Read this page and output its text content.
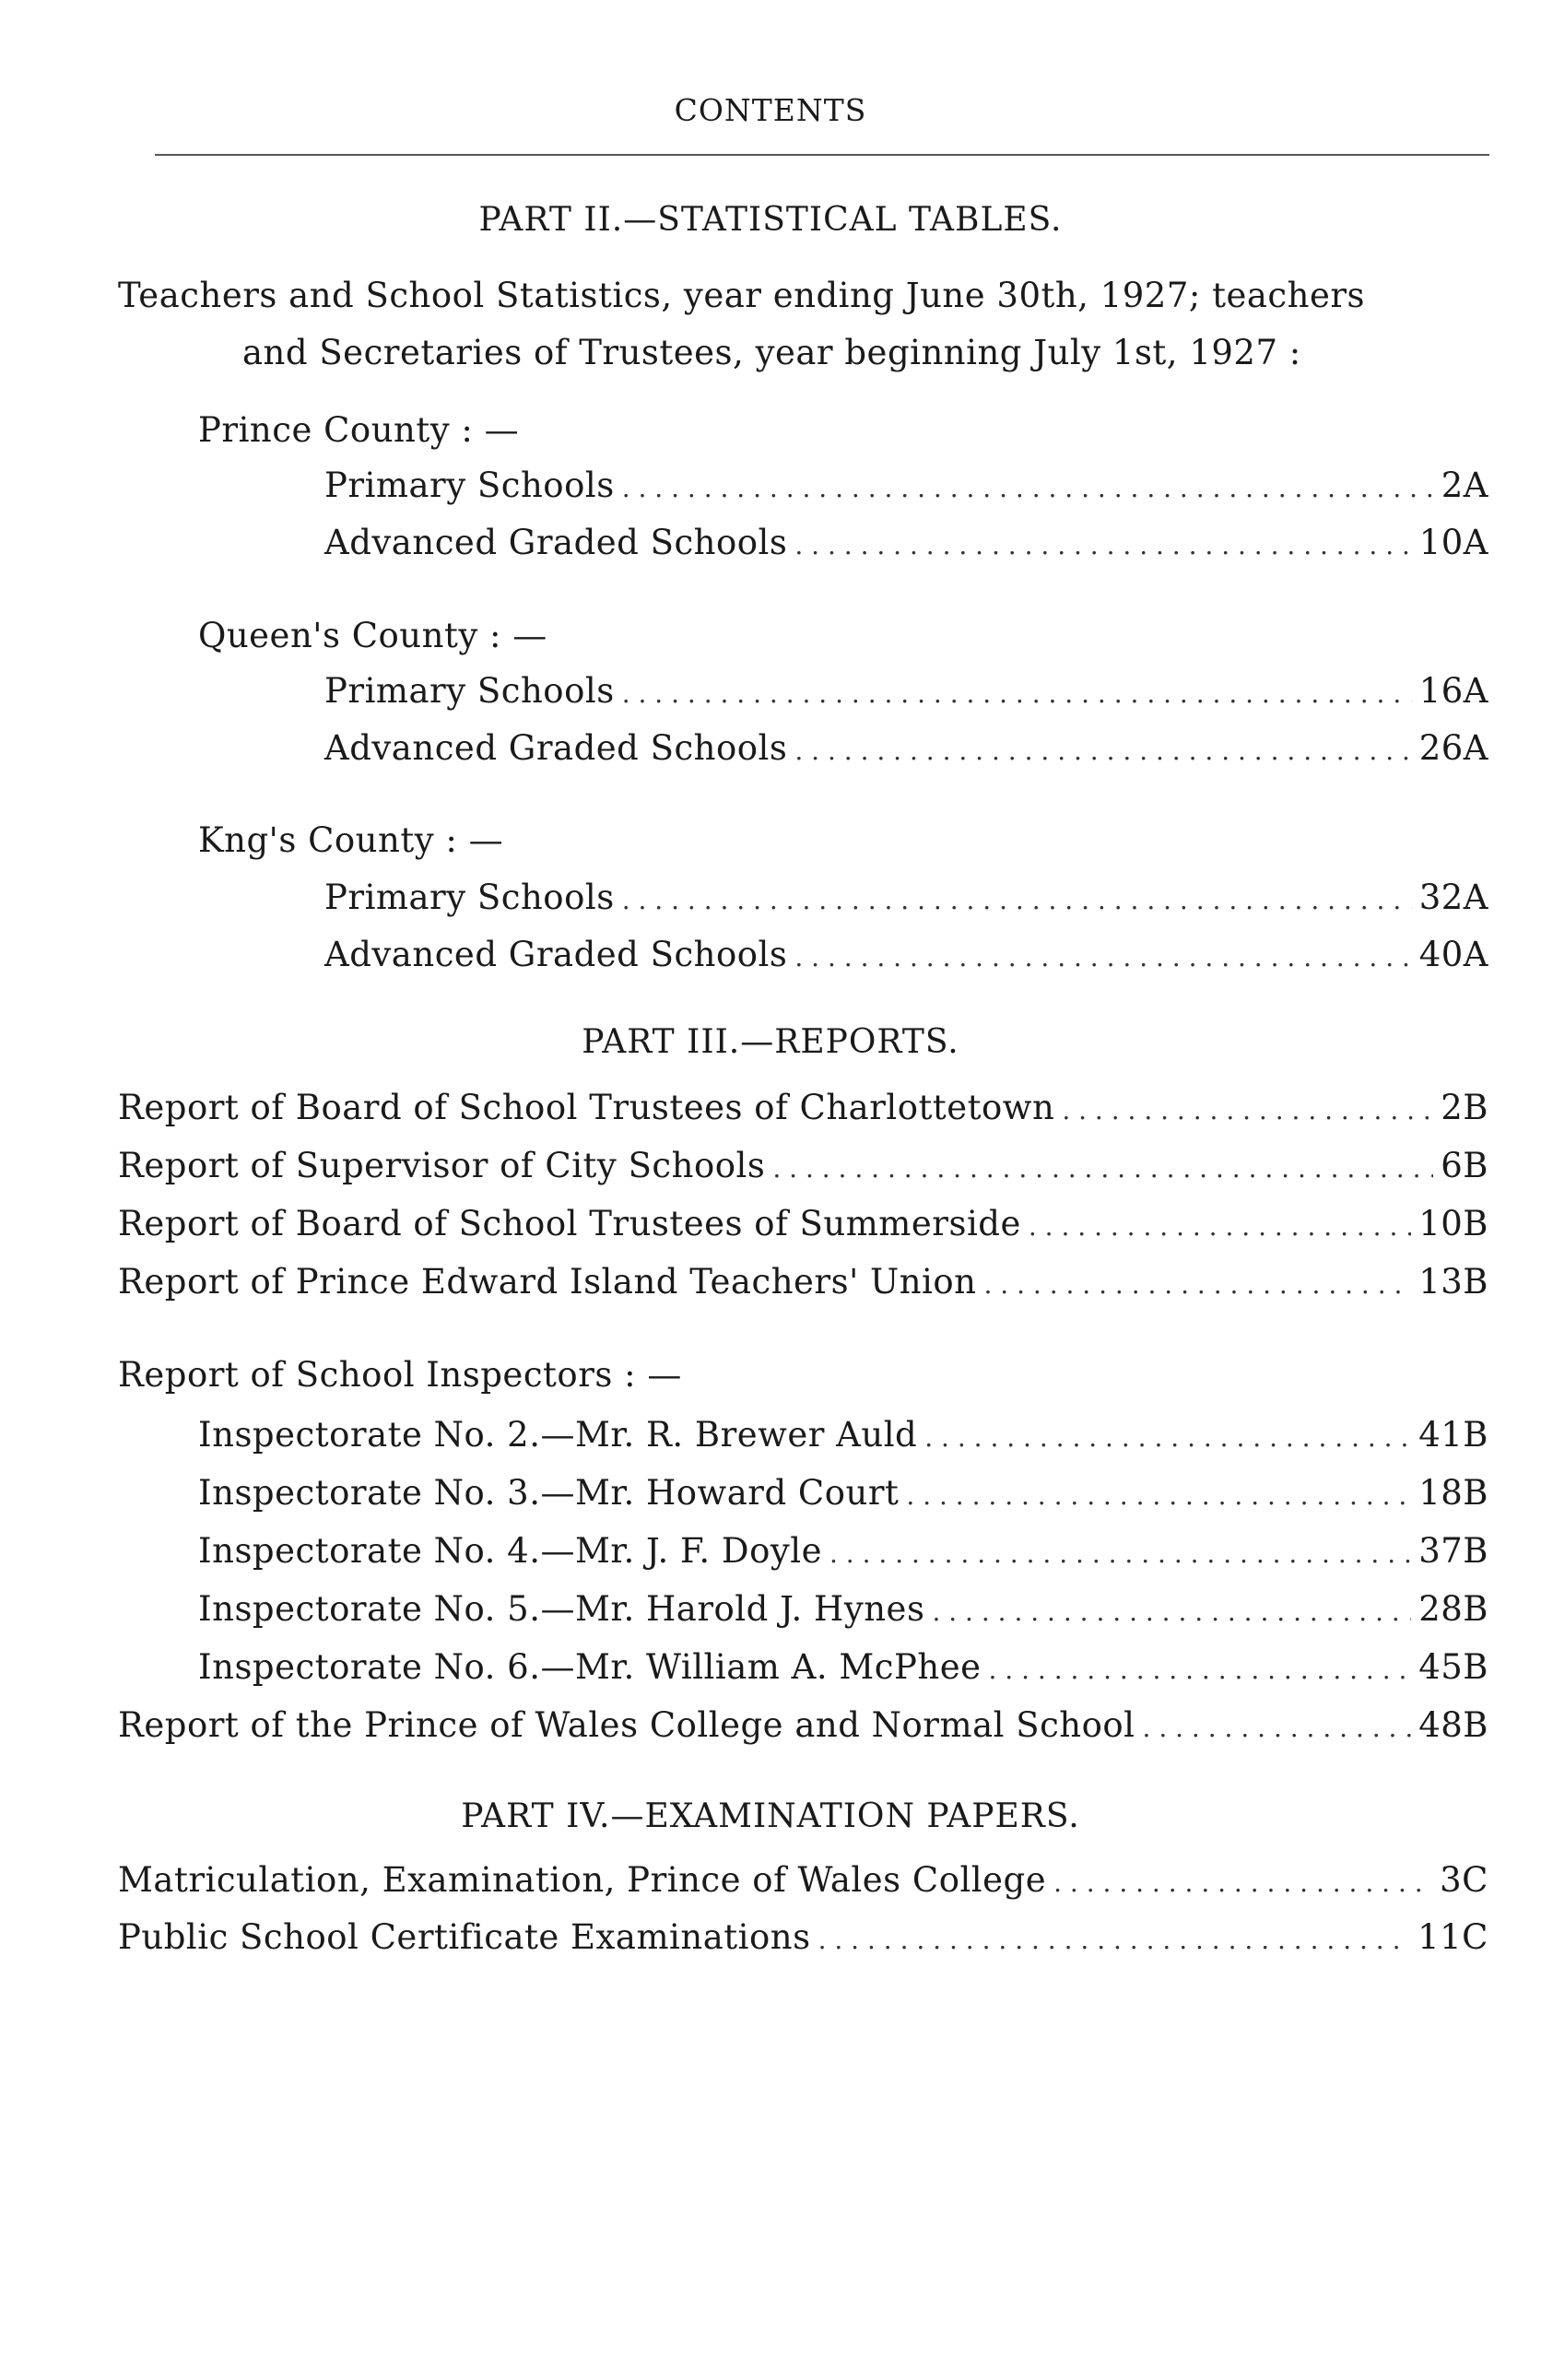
CONTENTS
PART II.—STATISTICAL TABLES.
Teachers and School Statistics, year ending June 30th, 1927; teachers
and Secretaries of Trustees, year beginning July 1st, 1927 :
Prince County : —
Primary Schools . . .	2A
Advanced Graded Schools . . .	10A
Queen's County : —
Primary Schools . . .	16A
Advanced Graded Schools . . .	26A
Kng's County : —
Primary Schools . . .	32A
Advanced Graded Schools . . .	40A
PART III.—REPORTS.
Report of Board of School Trustees of Charlottetown . . .	2B
Report of Supervisor of City Schools . . .	6B
Report of Board of School Trustees of Summerside . . .	10B
Report of Prince Edward Island Teachers' Union . . .	13B
Report of School Inspectors : —
Inspectorate No. 2.—Mr. R. Brewer Auld . . .	41B
Inspectorate No. 3.—Mr. Howard Court . . .	18B
Inspectorate No. 4.—Mr. J. F. Doyle . . .	37B
Inspectorate No. 5.—Mr. Harold J. Hynes . . .	28B
Inspectorate No. 6.—Mr. William A. McPhee . . .	45B
Report of the Prince of Wales College and Normal School . . .	48B
PART IV.—EXAMINATION PAPERS.
Matriculation, Examination, Prince of Wales College . . .	3C
Public School Certificate Examinations . . .	11C
